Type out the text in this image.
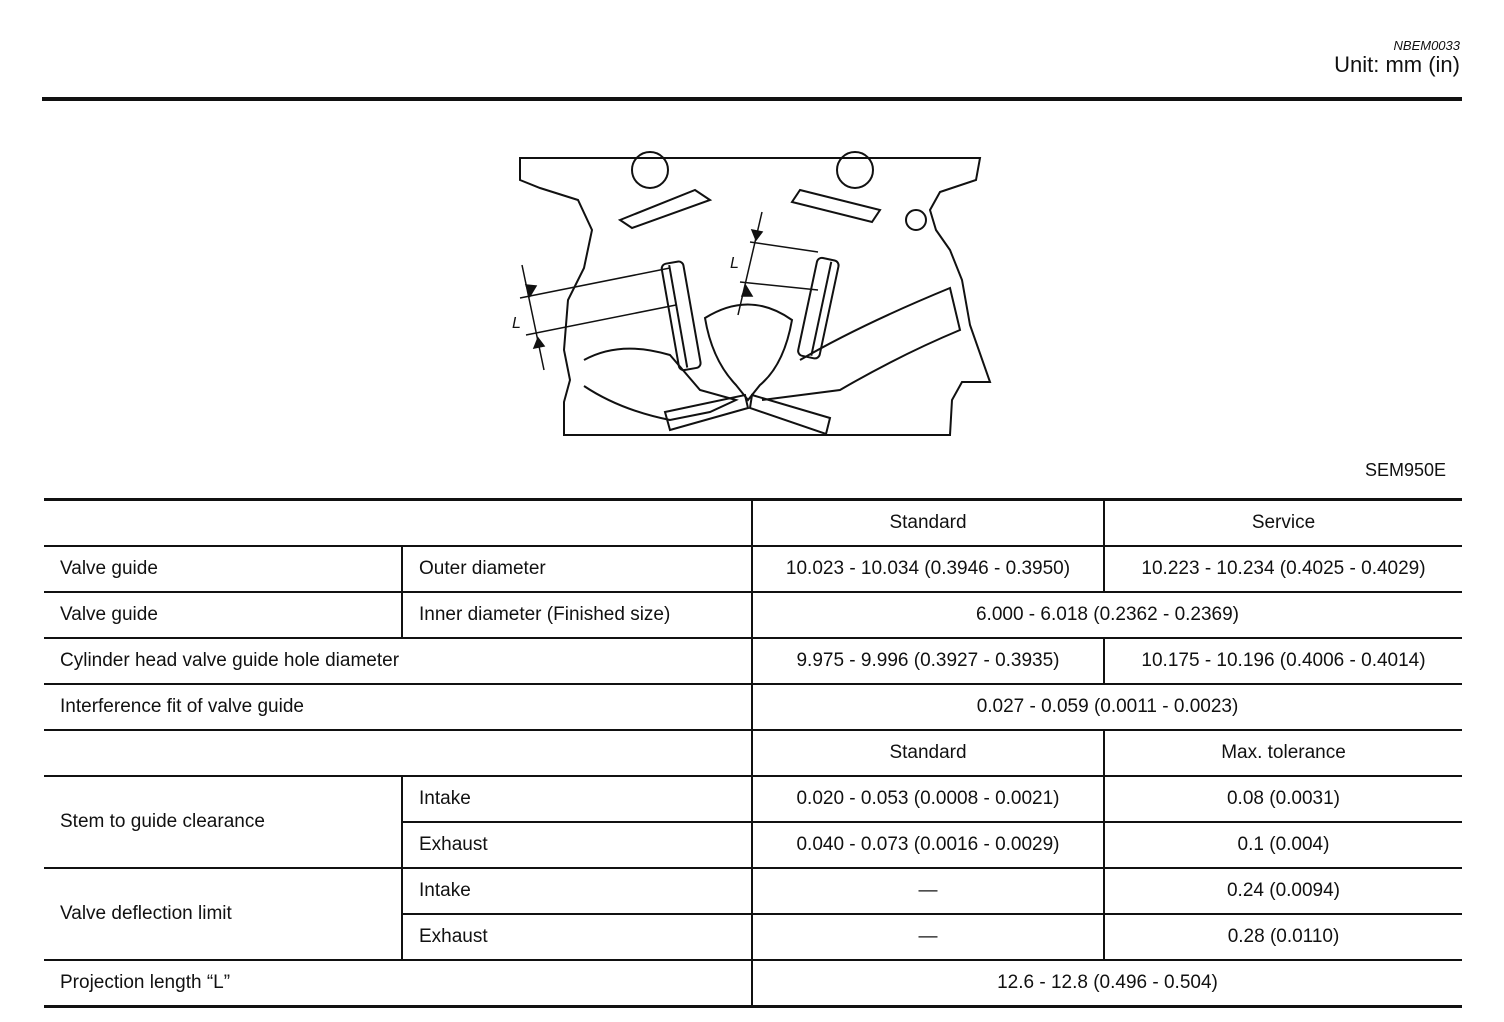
NBEM0033
Unit: mm (in)
L
L
SEM950E
		Standard	Service
Valve guide	Outer diameter	10.023 - 10.034 (0.3946 - 0.3950)	10.223 - 10.234 (0.4025 - 0.4029)
Valve guide	Inner diameter (Finished size)	6.000 - 6.018 (0.2362 - 0.2369)	
Cylinder head valve guide hole diameter		9.975 - 9.996 (0.3927 - 0.3935)	10.175 - 10.196 (0.4006 - 0.4014)
Interference fit of valve guide		0.027 - 0.059 (0.0011 - 0.0023)	
		Standard	Max. tolerance
Stem to guide clearance	Intake	0.020 - 0.053 (0.0008 - 0.0021)	0.08 (0.0031)
	Exhaust	0.040 - 0.073 (0.0016 - 0.0029)	0.1 (0.004)
Valve deflection limit	Intake	—	0.24 (0.0094)
	Exhaust	—	0.28 (0.0110)
Projection length “L”		12.6 - 12.8 (0.496 - 0.504)	
